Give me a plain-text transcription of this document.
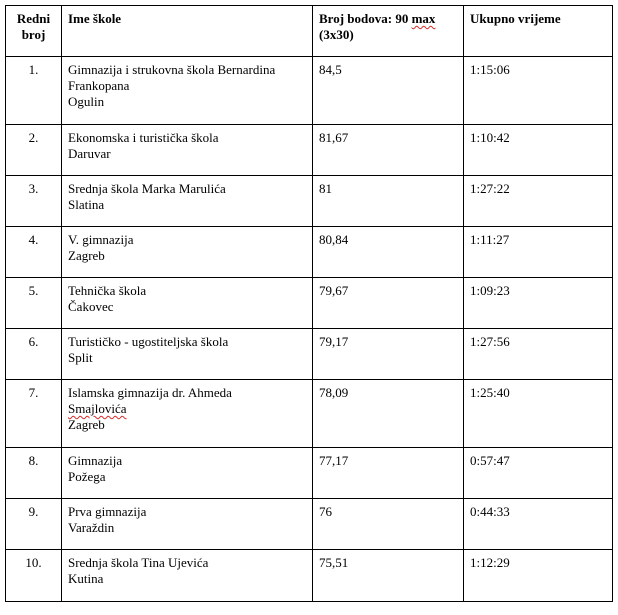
Redni
broj	Ime škole	Broj bodova: 90 max
(3x30)	Ukupno vrijeme
1.	Gimnazija i strukovna škola Bernardina
Frankopana
Ogulin	84,5	1:15:06
2.	Ekonomska i turistička škola
Daruvar	81,67	1:10:42
3.	Srednja škola Marka Marulića
Slatina	81	1:27:22
4.	V. gimnazija
Zagreb	80,84	1:11:27
5.	Tehnička škola
Čakovec	79,67	1:09:23
6.	Turističko - ugostiteljska škola
Split	79,17	1:27:56
7.	Islamska gimnazija dr. Ahmeda
Smajlovića
Zagreb	78,09	1:25:40
8.	Gimnazija
Požega	77,17	0:57:47
9.	Prva gimnazija
Varaždin	76	0:44:33
10.	Srednja škola Tina Ujevića
Kutina	75,51	1:12:29
